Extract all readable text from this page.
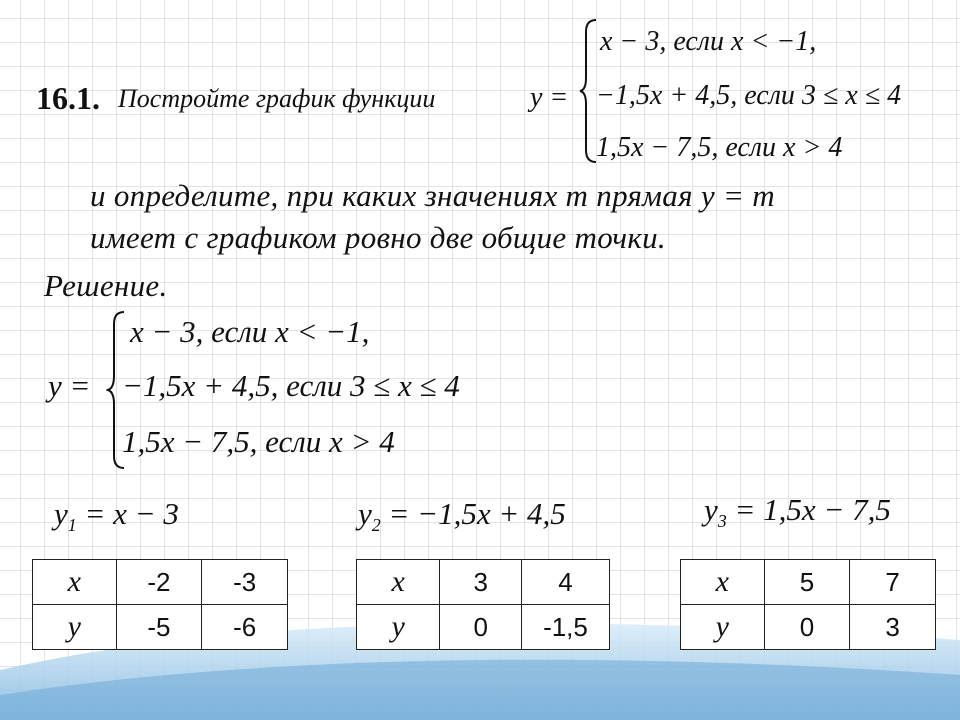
16.1. Постройте график функции	y =
x − 3, если x < −1,
−1,5x + 4,5, если 3 ≤ x ≤ 4
1,5x − 7,5, если x > 4
и определите, при каких значениях m прямая y = m
имеет с графиком ровно две общие точки.
Решение.
y =
x − 3, если x < −1,
−1,5x + 4,5, если 3 ≤ x ≤ 4
1,5x − 7,5, если x > 4
$y_1 = x - 3$	$y_2 = -1,5x + 4,5$	$y_3 = 1,5x - 7,5$
x	-2	-3
y	-5	-6
x	3	4
y	0	-1,5
x	5	7
y	0	3
